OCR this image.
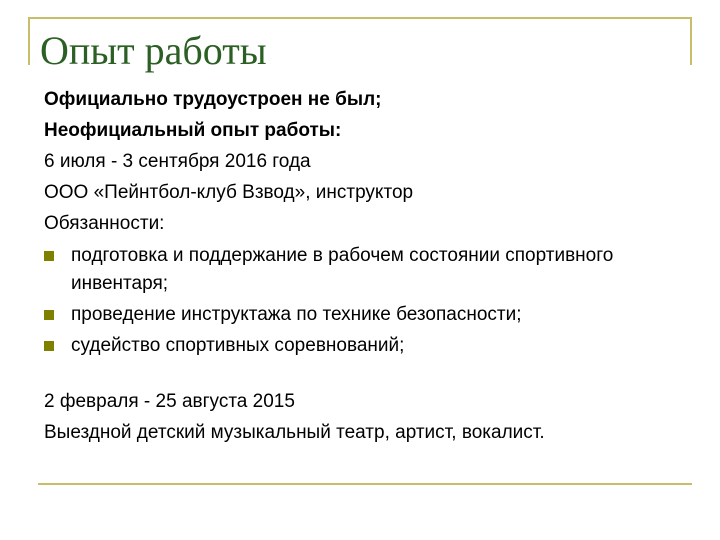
Опыт работы

Официально трудоустроен не был;

Неофициальный опыт работы:

6 июля - 3 сентября 2016 года

ООО «Пейнтбол-клуб Взвод», инструктор

Обязанности:

подготовка и поддержание в рабочем состоянии спортивного инвентаря;
проведение инструктажа по технике безопасности;
судейство спортивных соревнований;

2 февраля - 25 августа 2015

Выездной детский музыкальный театр, артист, вокалист.
